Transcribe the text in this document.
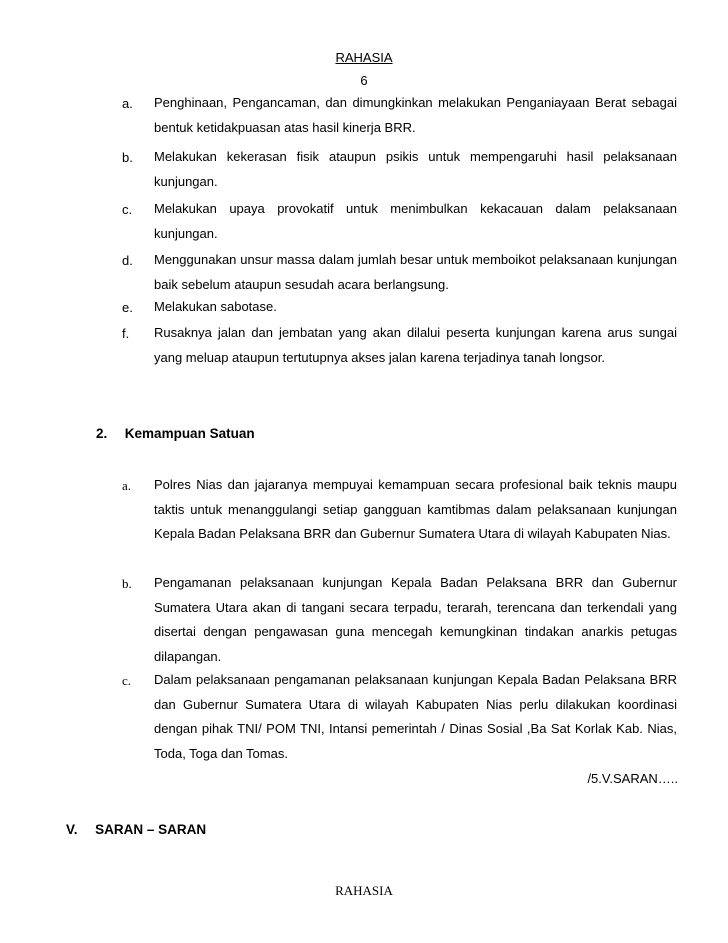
RAHASIA
6
a.	Penghinaan, Pengancaman, dan dimungkinkan melakukan Penganiayaan Berat sebagai bentuk ketidakpuasan atas hasil kinerja BRR.
b.	Melakukan kekerasan fisik ataupun psikis untuk mempengaruhi hasil pelaksanaan kunjungan.
c.	Melakukan upaya provokatif untuk menimbulkan kekacauan dalam pelaksanaan kunjungan.
d.	Menggunakan unsur massa dalam jumlah besar untuk memboikot pelaksanaan kunjungan baik sebelum ataupun sesudah acara berlangsung.
e.	Melakukan sabotase.
f.	Rusaknya jalan dan jembatan yang akan dilalui peserta kunjungan karena arus sungai yang meluap ataupun tertutupnya akses jalan karena terjadinya tanah longsor.
2. Kemampuan Satuan
a.	Polres Nias dan jajaranya mempuyai kemampuan secara profesional baik teknis maupu taktis untuk menanggulangi setiap gangguan kamtibmas dalam pelaksanaan kunjungan Kepala Badan Pelaksana BRR dan Gubernur Sumatera Utara di wilayah Kabupaten Nias.
b.	Pengamanan pelaksanaan kunjungan Kepala Badan Pelaksana BRR dan Gubernur Sumatera Utara akan di tangani secara terpadu, terarah, terencana dan terkendali yang disertai dengan pengawasan guna mencegah kemungkinan tindakan anarkis petugas dilapangan.
c.	Dalam pelaksanaan pengamanan pelaksanaan kunjungan Kepala Badan Pelaksana BRR dan Gubernur Sumatera Utara di wilayah Kabupaten Nias perlu dilakukan koordinasi dengan pihak TNI/ POM TNI, Intansi pemerintah / Dinas Sosial ,Ba Sat Korlak Kab. Nias, Toda, Toga dan Tomas.
/5.V.SARAN…..
V. SARAN – SARAN
RAHASIA
